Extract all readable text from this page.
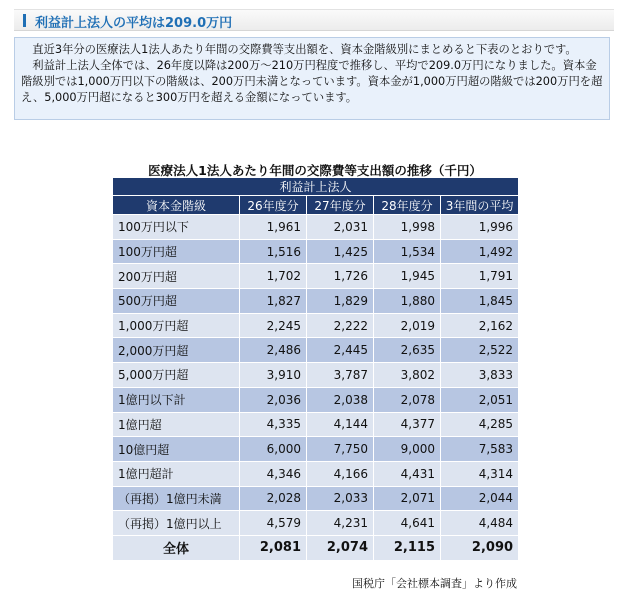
利益計上法人の平均は209.0万円

直近3年分の医療法人1法人あたり年間の交際費等支出額を、資本金階級別にまとめると下表のとおりです。

利益計上法人全体では、26年度以降は200万～210万円程度で推移し、平均で209.0万円になりました。資本金階級別では1,000万円以下の階級は、200万円未満となっています。資本金が1,000万円超の階級では200万円を超え、5,000万円超になると300万円を超える金額になっています。

医療法人1法人あたり年間の交際費等支出額の推移（千円）
利益計上法人				
資本金階級	26年度分	27年度分	28年度分	3年間の平均
100万円以下	1,961	2,031	1,998	1,996
100万円超	1,516	1,425	1,534	1,492
200万円超	1,702	1,726	1,945	1,791
500万円超	1,827	1,829	1,880	1,845
1,000万円超	2,245	2,222	2,019	2,162
2,000万円超	2,486	2,445	2,635	2,522
5,000万円超	3,910	3,787	3,802	3,833
1億円以下計	2,036	2,038	2,078	2,051
1億円超	4,335	4,144	4,377	4,285
10億円超	6,000	7,750	9,000	7,583
1億円超計	4,346	4,166	4,431	4,314
（再掲）1億円未満	2,028	2,033	2,071	2,044
（再掲）1億円以上	4,579	4,231	4,641	4,484
全体	2,081	2,074	2,115	2,090
国税庁「会社標本調査」より作成
